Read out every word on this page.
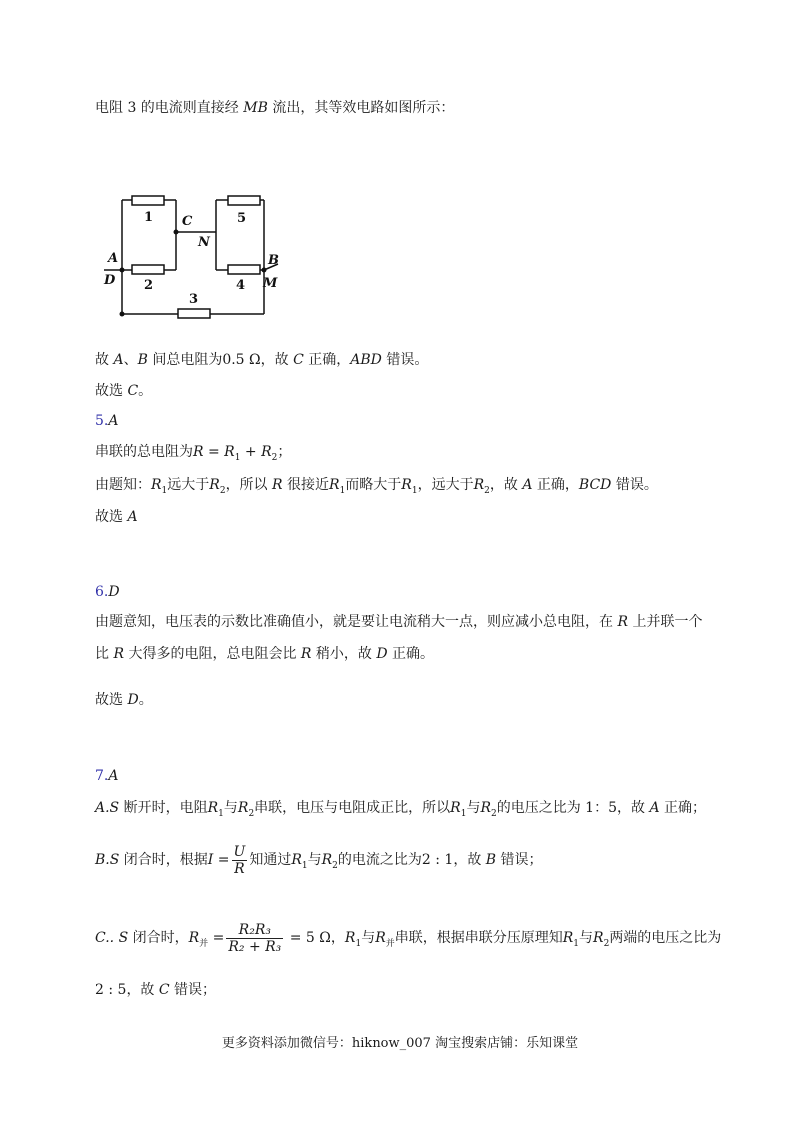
电阻 3 的电流则直接经 MB 流出，其等效电路如图所示：
1
2
3
4
5
A
D
C
N
B
M
故 A、B 间总电阻为0.5 Ω，故 C 正确，ABD 错误。
故选 C。
5.A
串联的总电阻为$R = R_1 + R_2$；
由题知：$R_1$远大于$R_2$，所以 R 很接近$R_1$而略大于$R_1$，远大于$R_2$，故 A 正确，BCD 错误。
故选 A
6.D
由题意知，电压表的示数比准确值小，就是要让电流稍大一点，则应减小总电阻，在 R 上并联一个
比 R 大得多的电阻，总电阻会比 R 稍小，故 D 正确。
故选 D。
7.A
A.S 断开时，电阻$R_1$与$R_2$串联，电压与电阻成正比，所以$R_1$与$R_2$的电压之比为 1：5，故 A 正确；
B.S 闭合时，根据$I = \frac{U}{R}$ 知通过$R_1$与$R_2$的电流之比为2 : 1，故 B 错误；
C.. S 闭合时，$R_并 = \frac{\text{R₂R₃}}{\text{R₂ + R₃}} = 5$ Ω，$R_1$与$R_并$串联，根据串联分压原理知$R_1$与$R_2$两端的电压之比为
2 : 5，故 C 错误；
更多资料添加微信号：hiknow_007 淘宝搜索店铺：乐知课堂
